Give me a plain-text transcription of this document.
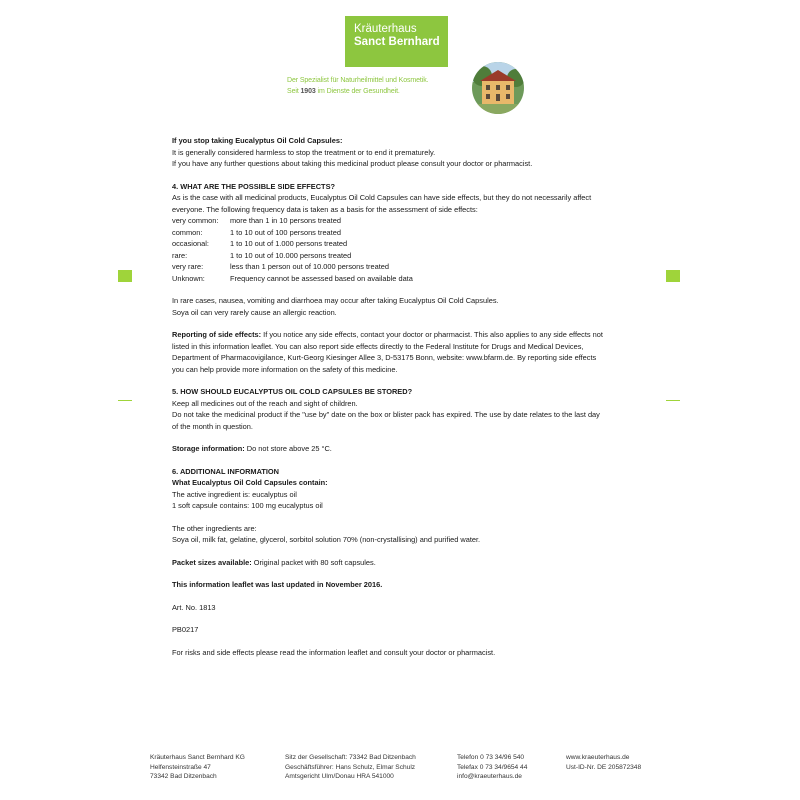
Kräuterhaus
Sanct Bernhard
Der Spezialist für Naturheilmittel und Kosmetik.
Seit 1903 im Dienste der Gesundheit.

If you stop taking Eucalyptus Oil Cold Capsules:

It is generally considered harmless to stop the treatment or to end it prematurely.

If you have any further questions about taking this medicinal product please consult your doctor or pharmacist.

4. WHAT ARE THE POSSIBLE SIDE EFFECTS?

As is the case with all medicinal products, Eucalyptus Oil Cold Capsules can have side effects, but they do not necessarily affect

everyone. The following frequency data is taken as a basis for the assessment of side effects:

very common:	more than 1 in 10 persons treated
common:	1 to 10 out of 100 persons treated
occasional:	1 to 10 out of 1.000 persons treated
rare:	1 to 10 out of 10.000 persons treated
very rare:	less than 1 person out of 10.000 persons treated
Unknown:	Frequency cannot be assessed based on available data

In rare cases, nausea, vomiting and diarrhoea may occur after taking Eucalyptus Oil Cold Capsules.

Soya oil can very rarely cause an allergic reaction.

Reporting of side effects: If you notice any side effects, contact your doctor or pharmacist. This also applies to any side effects not

listed in this information leaflet. You can also report side effects directly to the Federal Institute for Drugs and Medical Devices,

Department of Pharmacovigilance, Kurt-Georg Kiesinger Allee 3, D-53175 Bonn, website: www.bfarm.de. By reporting side effects

you can help provide more information on the safety of this medicine.

5. HOW SHOULD EUCALYPTUS OIL COLD CAPSULES BE STORED?

Keep all medicines out of the reach and sight of children.

Do not take the medicinal product if the "use by" date on the box or blister pack has expired. The use by date relates to the last day

of the month in question.

Storage information: Do not store above 25 °C.

6. ADDITIONAL INFORMATION

What Eucalyptus Oil Cold Capsules contain:

The active ingredient is: eucalyptus oil

1 soft capsule contains: 100 mg eucalyptus oil

The other ingredients are:

Soya oil, milk fat, gelatine, glycerol, sorbitol solution 70% (non-crystallising) and purified water.

Packet sizes available: Original packet with 80 soft capsules.

This information leaflet was last updated in November 2016.

Art. No. 1813

PB0217

For risks and side effects please read the information leaflet and consult your doctor or pharmacist.

Kräuterhaus Sanct Bernhard KG
Helfensteinstraße 47
73342 Bad Ditzenbach
Sitz der Gesellschaft: 73342 Bad Ditzenbach
Geschäftsführer: Hans Schulz, Elmar Schulz
Amtsgericht Ulm/Donau HRA 541000
Telefon 0 73 34/96 540
Telefax 0 73 34/9654 44
info@kraeuterhaus.de
www.kraeuterhaus.de
Ust-ID-Nr. DE 205872348
